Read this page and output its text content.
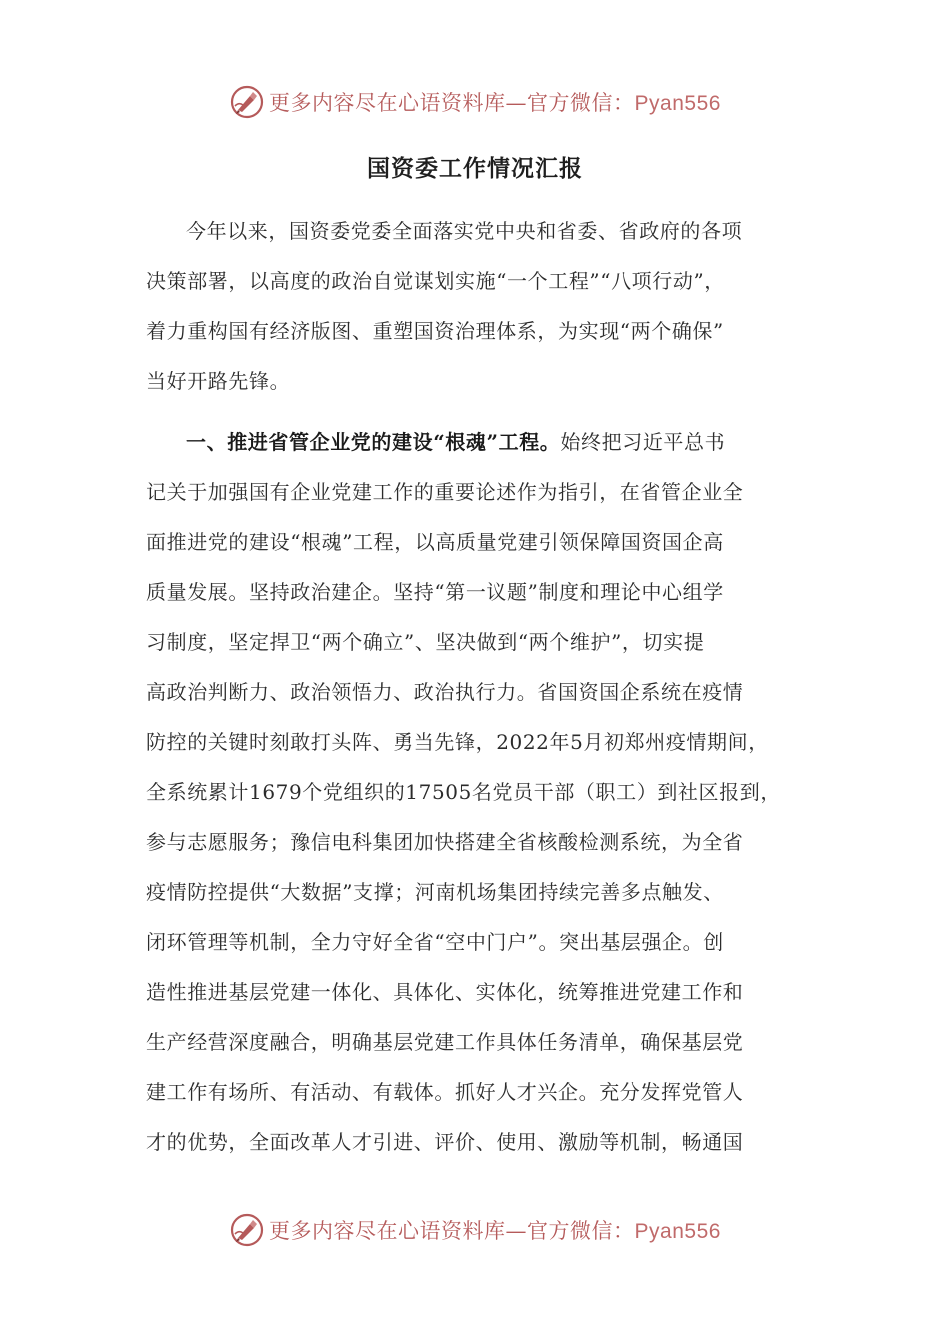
更多内容尽在心语资料库—官方微信：Pyan556
国资委工作情况汇报
今年以来，国资委党委全面落实党中央和省委、省政府的各项
决策部署，以高度的政治自觉谋划实施“一个工程”“八项行动”，
着力重构国有经济版图、重塑国资治理体系，为实现“两个确保”
当好开路先锋。
一、推进省管企业党的建设“根魂”工程。始终把习近平总书
记关于加强国有企业党建工作的重要论述作为指引，在省管企业全
面推进党的建设“根魂”工程，以高质量党建引领保障国资国企高
质量发展。坚持政治建企。坚持“第一议题”制度和理论中心组学
习制度，坚定捍卫“两个确立”、坚决做到“两个维护”，切实提
高政治判断力、政治领悟力、政治执行力。省国资国企系统在疫情
防控的关键时刻敢打头阵、勇当先锋，2022年5月初郑州疫情期间，
全系统累计1679个党组织的17505名党员干部（职工）到社区报到，
参与志愿服务；豫信电科集团加快搭建全省核酸检测系统，为全省
疫情防控提供“大数据”支撑；河南机场集团持续完善多点触发、
闭环管理等机制，全力守好全省“空中门户”。突出基层强企。创
造性推进基层党建一体化、具体化、实体化，统筹推进党建工作和
生产经营深度融合，明确基层党建工作具体任务清单，确保基层党
建工作有场所、有活动、有载体。抓好人才兴企。充分发挥党管人
才的优势，全面改革人才引进、评价、使用、激励等机制，畅通国
更多内容尽在心语资料库—官方微信：Pyan556
